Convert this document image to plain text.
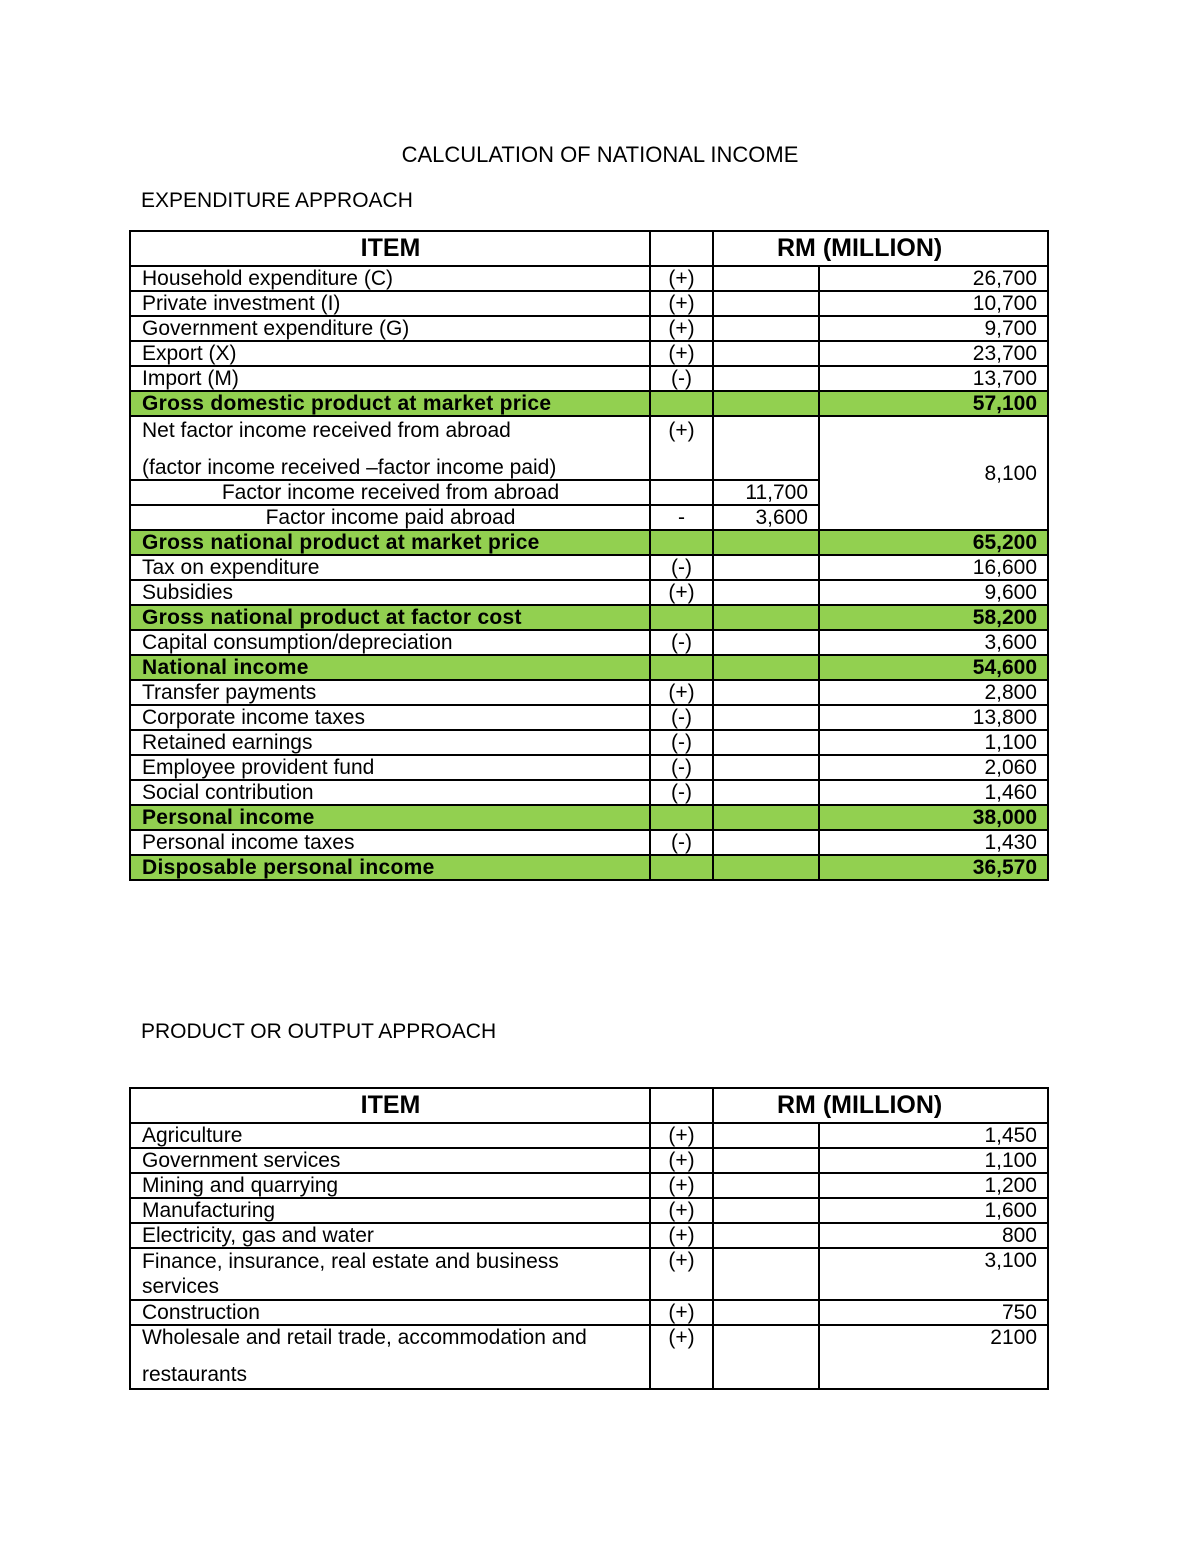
CALCULATION OF NATIONAL INCOME
EXPENDITURE APPROACH
ITEM			RM (MILLION)
Household expenditure (C)	(+)		26,700
Private investment (I)	(+)		10,700
Government expenditure (G)	(+)		9,700
Export (X)	(+)		23,700
Import (M)	(-)		13,700
Gross domestic product at market price			57,100

Net factor income received from abroad
(factor income received –factor income paid)	(+)		8,100
Factor income received from abroad		11,700	
Factor income paid abroad	-	3,600	
Gross national product at market price			65,200
Tax on expenditure	(-)		16,600
Subsidies	(+)		9,600
Gross national product at factor cost			58,200
Capital consumption/depreciation	(-)		3,600
National income			54,600
Transfer payments	(+)		2,800
Corporate income taxes	(-)		13,800
Retained earnings	(-)		1,100
Employee provident fund	(-)		2,060
Social contribution	(-)		1,460
Personal income			38,000
Personal income taxes	(-)		1,430
Disposable personal income			36,570
PRODUCT OR OUTPUT APPROACH
ITEM			RM (MILLION)
Agriculture	(+)		1,450
Government services	(+)		1,100
Mining and quarrying	(+)		1,200
Manufacturing	(+)		1,600
Electricity, gas and water	(+)		800
Finance, insurance, real estate and business services	(+)		3,100
Construction	(+)		750

Wholesale and retail trade, accommodation and
restaurants	(+)		2100
